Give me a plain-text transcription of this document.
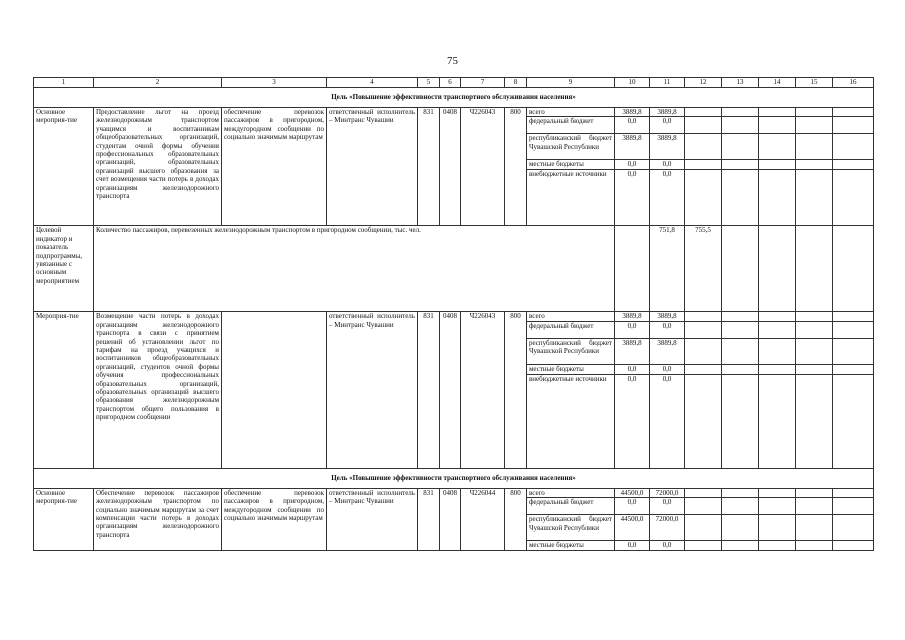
75
1	2	3	4	5	6	7	8	9	10	11	12	13	14	15	16	
Цель «Повышение эффективности транспортного обслуживания населения»																
Основное мероприя-тие	Предоставление льгот на проезд железнодорожным транспортом учащимся и воспитанникам общеобразовательных организаций, студентам очной формы обучения профессиональных образовательных организаций, образовательных организаций высшего образования за счет возмещения части потерь в доходах организациям железнодорожного транспорта	обеспечение перевозок пассажиров в пригородном, междугородном сообщении по социально значимым маршрутам	ответственный исполнитель – Минтранс Чувашии	831	0408	Ч226043	800	всего	3889,8	3889,8						
								федеральный бюджет	0,0	0,0						
								республиканский бюджет Чувашской Республики	3889,8	3889,8						
								местные бюджеты	0,0	0,0						
								внебюджетные источники	0,0	0,0						
Целевой индикатор и показатель подпрограммы, увязанные с основным мероприятием	Количество пассажиров, перевезенных железнодорожным транспортом в пригородном сообщении, тыс. чел.									751,8	755,5					
Мероприя-тие	Возмещение части потерь в доходах организациям железнодорожного транспорта в связи с принятием решений об установлении льгот по тарифам на проезд учащихся и воспитанников общеобразовательных организаций, студентов очной формы обучения профессиональных образовательных организаций, образовательных организаций высшего образования железнодорожным транспортом общего пользования в пригородном сообщении		ответственный исполнитель – Минтранс Чувашии	831	0408	Ч226043	800	всего	3889,8	3889,8						
								федеральный бюджет	0,0	0,0						
								республиканский бюджет Чувашской Республики	3889,8	3889,8						
								местные бюджеты	0,0	0,0						
								внебюджетные источники	0,0	0,0						
Цель «Повышение эффективности транспортного обслуживания населения»																
Основное мероприя-тие	Обеспечение перевозок пассажиров железнодорожным транспортом по социально значимым маршрутам за счет компенсации части потерь в доходах организациям железнодорожного транспорта	обеспечение перевозок пассажиров в пригородном, междугородном сообщении по социально значимым маршрутам	ответственный исполнитель – Минтранс Чувашии	831	0408	Ч226044	800	всего	44500,0	72000,0						
								федеральный бюджет	0,0	0,0						
								республиканский бюджет Чувашской Республики	44500,0	72000,0						
								местные бюджеты	0,0	0,0						
